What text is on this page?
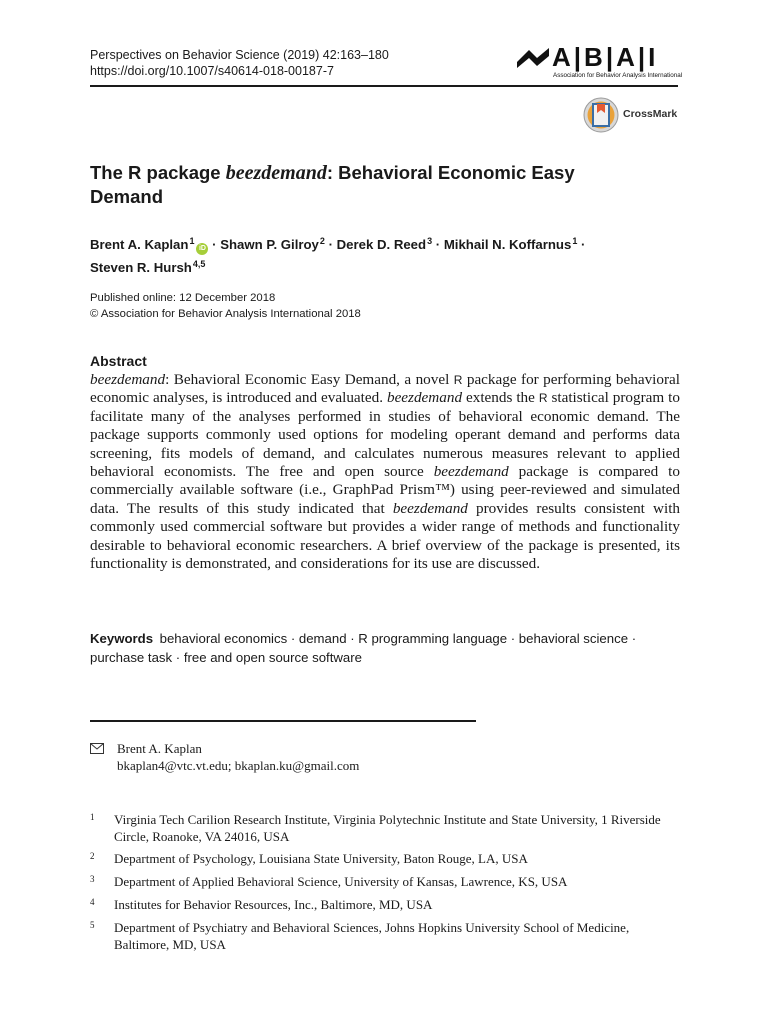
Perspectives on Behavior Science (2019) 42:163–180
https://doi.org/10.1007/s40614-018-00187-7	A|B|A|I
Association for Behavior Analysis International
CrossMark
The R package beezdemand: Behavioral Economic Easy Demand
Brent A. Kaplan$^1$iD · Shawn P. Gilroy$^2$ · Derek D. Reed$^3$ · Mikhail N. Koffarnus$^1$ ·
Steven R. Hursh$^{4,5}$
Published online: 12 December 2018
© Association for Behavior Analysis International 2018
Abstract
beezdemand: Behavioral Economic Easy Demand, a novel R package for performing behavioral economic analyses, is introduced and evaluated. beezdemand extends the R statistical program to facilitate many of the analyses performed in studies of behavioral economic demand. The package supports commonly used options for modeling operant demand and performs data screening, fits models of demand, and calculates numerous measures relevant to applied behavioral economists. The free and open source beezdemand package is compared to commercially available software (i.e., GraphPad Prism™) using peer-reviewed and simulated data. The results of this study indicated that beezdemand provides results consistent with commonly used commercial software but provides a wider range of methods and functionality desirable to behavioral economic researchers. A brief overview of the package is presented, its functionality is demonstrated, and considerations for its use are discussed.
Keywords behavioral economics · demand · R programming language · behavioral science · purchase task · free and open source software
Brent A. Kaplan
bkaplan4@vtc.vt.edu; bkaplan.ku@gmail.com
1 Virginia Tech Carilion Research Institute, Virginia Polytechnic Institute and State University, 1 Riverside Circle, Roanoke, VA 24016, USA
2 Department of Psychology, Louisiana State University, Baton Rouge, LA, USA
3 Department of Applied Behavioral Science, University of Kansas, Lawrence, KS, USA
4 Institutes for Behavior Resources, Inc., Baltimore, MD, USA
5 Department of Psychiatry and Behavioral Sciences, Johns Hopkins University School of Medicine, Baltimore, MD, USA
